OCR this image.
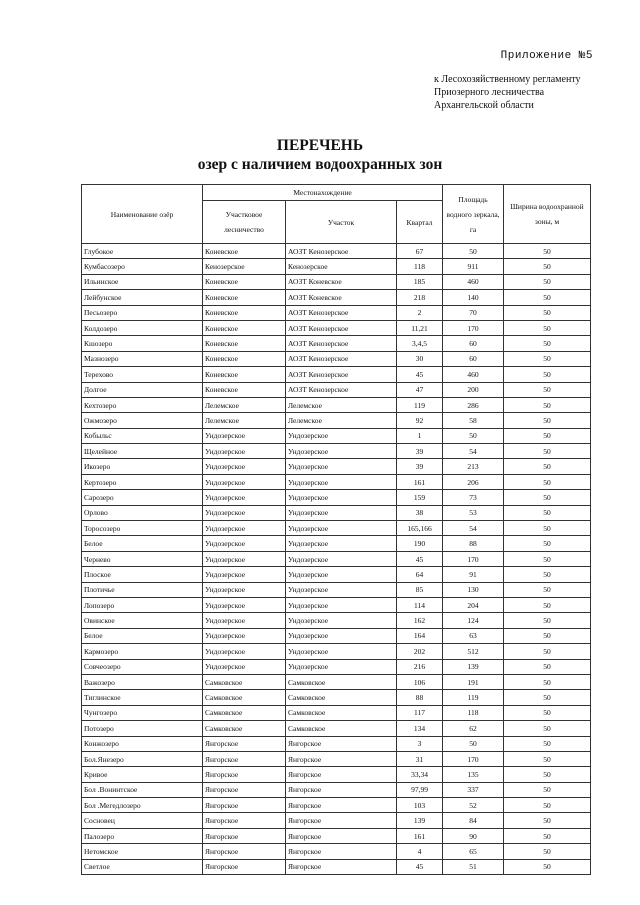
Приложение №5
к Лесохозяйственному регламенту
Приозерного лесничества
Архангельской области
ПЕРЕЧЕНЬ
озер с наличием водоохранных зон
Наименование озёр	Местонахождение			Площадь водного зеркала, га	Ширина водоохранной зоны, м
	Участковое лесничество	Участок	Квартал		
Глубокое	Коневское	АОЗТ Кенозерское	67	50	50
Кумбасозеро	Кенозерское	Кенозерское	118	911	50
Ильинское	Коневское	АОЗТ Коневское	185	460	50
Лейбунское	Коневское	АОЗТ Коневское	218	140	50
Песьозеро	Коневское	АОЗТ Кенозерское	2	70	50
Колдозеро	Коневское	АОЗТ Кенозерское	11,21	170	50
Кшозеро	Коневское	АОЗТ Кенозерское	3,4,5	60	50
Мазнозеро	Коневское	АОЗТ Кенозерское	30	60	50
Терехово	Коневское	АОЗТ Кенозерское	45	460	50
Долгое	Коневское	АОЗТ Кенозерское	47	200	50
Кехтозеро	Лелемское	Лелемское	119	286	50
Ожмозеро	Лелемское	Лелемское	92	58	50
Кобыльс	Ундозерское	Ундозерское	1	50	50
Щелейное	Ундозерское	Ундозерское	39	54	50
Икозеро	Ундозерское	Ундозерское	39	213	50
Кертозеро	Ундозерское	Ундозерское	161	206	50
Сарозеро	Ундозерское	Ундозерское	159	73	50
Орлово	Ундозерское	Ундозерское	38	53	50
Торосозеро	Ундозерское	Ундозерское	165,166	54	50
Белое	Ундозерское	Ундозерское	190	88	50
Чернево	Ундозерское	Ундозерское	45	170	50
Плоское	Ундозерское	Ундозерское	64	91	50
Плотичье	Ундозерское	Ундозерское	85	130	50
Лопозеро	Ундозерское	Ундозерское	114	204	50
Овинское	Ундозерское	Ундозерское	162	124	50
Белое	Ундозерское	Ундозерское	164	63	50
Кармозеро	Ундозерское	Ундозерское	202	512	50
Совчеозеро	Ундозерское	Ундозерское	216	139	50
Важозеро	Самковское	Самковское	106	191	50
Тиглинское	Самковское	Самковское	88	119	50
Чунгозеро	Самковское	Самковское	117	118	50
Потозеро	Самковское	Самковское	134	62	50
Конжозеро	Янгорское	Янгорское	3	50	50
Бол.Янезеро	Янгорское	Янгорское	31	170	50
Кривое	Янгорское	Янгорское	33,34	135	50
Бол .Вонинтское	Янгорское	Янгорское	97,99	337	50
Бол .Мегедлозеро	Янгорское	Янгорское	103	52	50
Сосновец	Янгорское	Янгорское	139	84	50
Палозеро	Янгорское	Янгорское	161	90	50
Нетомское	Янгорское	Янгорское	4	65	50
Светлое	Янгорское	Янгорское	45	51	50
